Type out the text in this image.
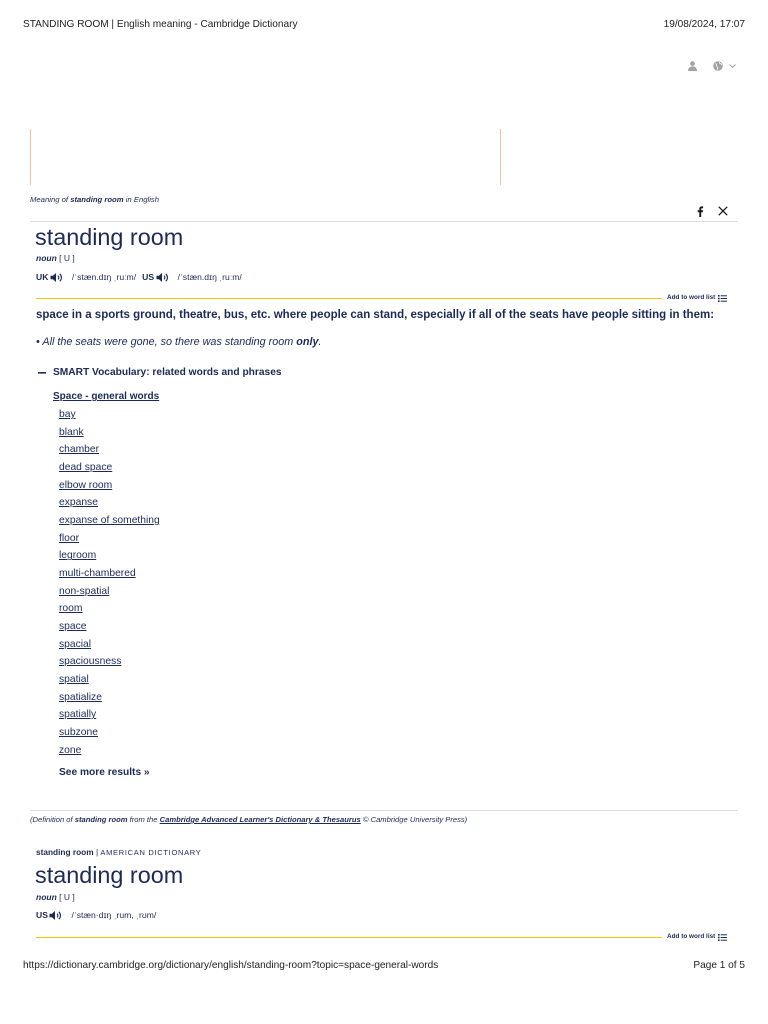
STANDING ROOM | English meaning - Cambridge Dictionary	19/08/2024, 17:07
Meaning of standing room in English
standing room
noun [ U ]
UK	/ˈstæn.dɪŋ ˌruːm/ US	/ˈstæn.dɪŋ ˌruːm/
Add to word list
space in a sports ground, theatre, bus, etc. where people can stand, especially if all of the seats have people sitting in them:
• All the seats were gone, so there was standing room only.
SMART Vocabulary: related words and phrases
Space - general words
bay
blank
chamber
dead space
elbow room
expanse
expanse of something
floor
legroom
multi-chambered
non-spatial
room
space
spacial
spaciousness
spatial
spatialize
spatially
subzone
zone
See more results »
(Definition of standing room from the Cambridge Advanced Learner's Dictionary & Thesaurus © Cambridge University Press)
standing room | AMERICAN DICTIONARY
standing room
noun [ U ]
US	/ˈstæn·dɪŋ ˌrum, ˌrʊm/
Add to word list
https://dictionary.cambridge.org/dictionary/english/standing-room?topic=space-general-words	Page 1 of 5
